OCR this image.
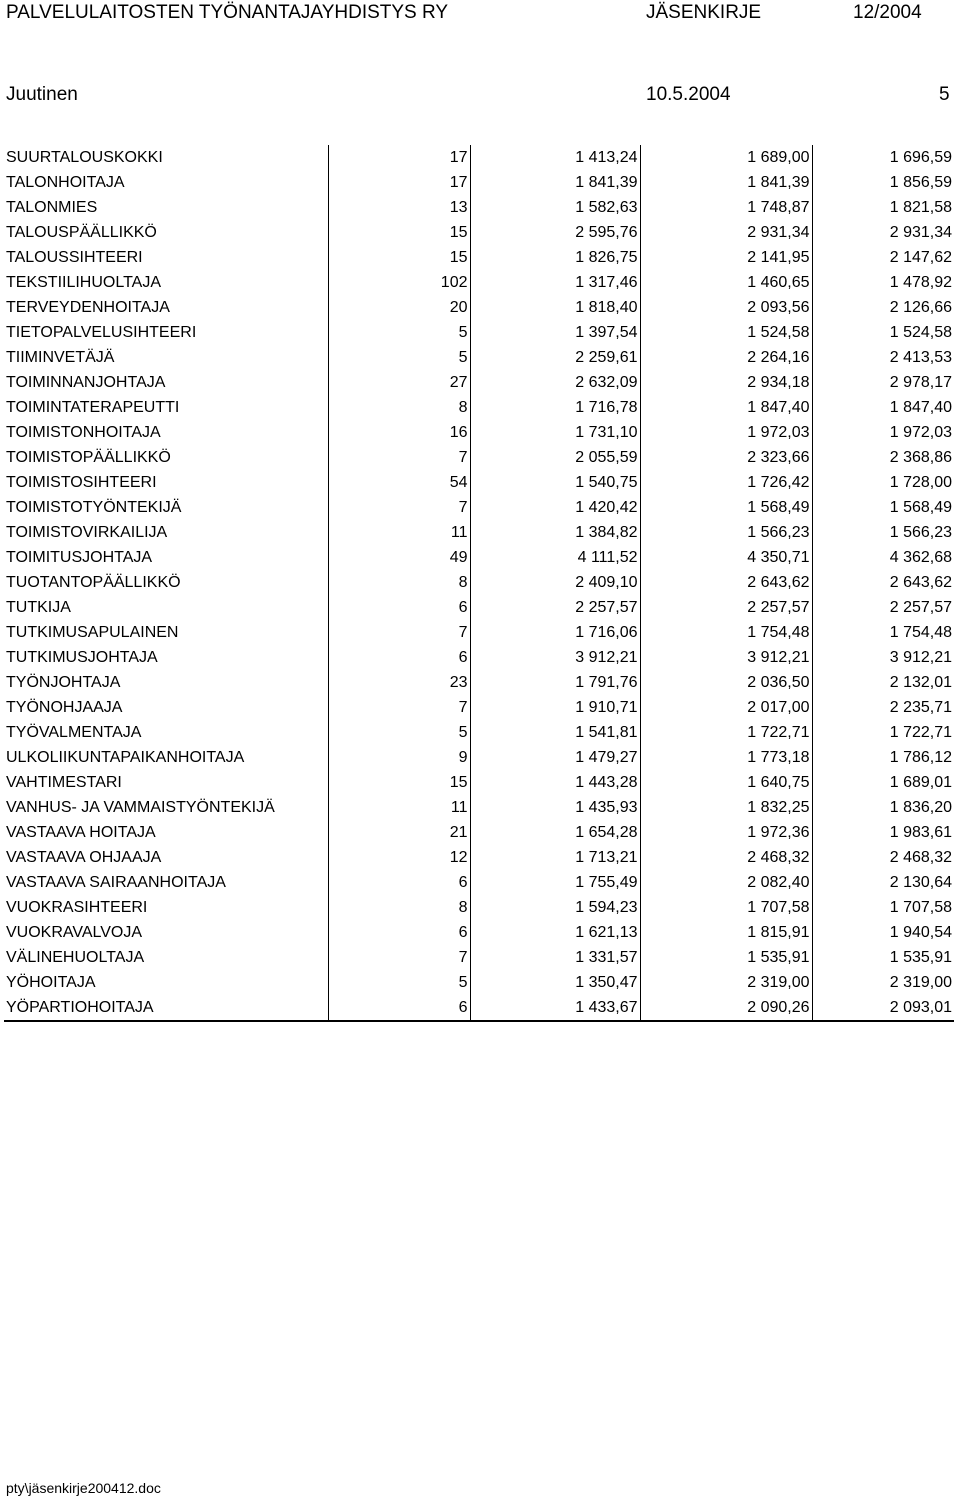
PALVELULAITOSTEN TYÖNANTAJAYHDISTYS RY	JÄSENKIRJE	12/2004
Juutinen	10.5.2004	5
SUURTALOUSKOKKI	17	1 413,24	1 689,00	1 696,59
TALONHOITAJA	17	1 841,39	1 841,39	1 856,59
TALONMIES	13	1 582,63	1 748,87	1 821,58
TALOUSPÄÄLLIKKÖ	15	2 595,76	2 931,34	2 931,34
TALOUSSIHTEERI	15	1 826,75	2 141,95	2 147,62
TEKSTIILIHUOLTAJA	102	1 317,46	1 460,65	1 478,92
TERVEYDENHOITAJA	20	1 818,40	2 093,56	2 126,66
TIETOPALVELUSIHTEERI	5	1 397,54	1 524,58	1 524,58
TIIMINVETÄJÄ	5	2 259,61	2 264,16	2 413,53
TOIMINNANJOHTAJA	27	2 632,09	2 934,18	2 978,17
TOIMINTATERAPEUTTI	8	1 716,78	1 847,40	1 847,40
TOIMISTONHOITAJA	16	1 731,10	1 972,03	1 972,03
TOIMISTOPÄÄLLIKKÖ	7	2 055,59	2 323,66	2 368,86
TOIMISTOSIHTEERI	54	1 540,75	1 726,42	1 728,00
TOIMISTOTYÖNTEKIJÄ	7	1 420,42	1 568,49	1 568,49
TOIMISTOVIRKAILIJA	11	1 384,82	1 566,23	1 566,23
TOIMITUSJOHTAJA	49	4 111,52	4 350,71	4 362,68
TUOTANTOPÄÄLLIKKÖ	8	2 409,10	2 643,62	2 643,62
TUTKIJA	6	2 257,57	2 257,57	2 257,57
TUTKIMUSAPULAINEN	7	1 716,06	1 754,48	1 754,48
TUTKIMUSJOHTAJA	6	3 912,21	3 912,21	3 912,21
TYÖNJOHTAJA	23	1 791,76	2 036,50	2 132,01
TYÖNOHJAAJA	7	1 910,71	2 017,00	2 235,71
TYÖVALMENTAJA	5	1 541,81	1 722,71	1 722,71
ULKOLIIKUNTAPAIKANHOITAJA	9	1 479,27	1 773,18	1 786,12
VAHTIMESTARI	15	1 443,28	1 640,75	1 689,01
VANHUS- JA VAMMAISTYÖNTEKIJÄ	11	1 435,93	1 832,25	1 836,20
VASTAAVA HOITAJA	21	1 654,28	1 972,36	1 983,61
VASTAAVA OHJAAJA	12	1 713,21	2 468,32	2 468,32
VASTAAVA SAIRAANHOITAJA	6	1 755,49	2 082,40	2 130,64
VUOKRASIHTEERI	8	1 594,23	1 707,58	1 707,58
VUOKRAVALVOJA	6	1 621,13	1 815,91	1 940,54
VÄLINEHUOLTAJA	7	1 331,57	1 535,91	1 535,91
YÖHOITAJA	5	1 350,47	2 319,00	2 319,00
YÖPARTIOHOITAJA	6	1 433,67	2 090,26	2 093,01
pty\jäsenkirje200412.doc
